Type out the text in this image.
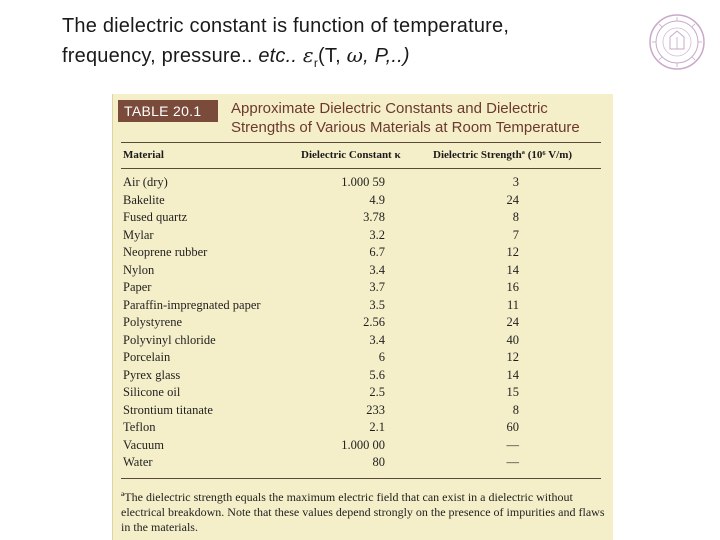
The dielectric constant is function of temperature,
frequency, pressure.. etc.. $\varepsilon_r(T$, ω, P,..)
TABLE 20.1	Approximate Dielectric Constants and Dielectric Strengths of Various Materials at Room Temperature
Material	Dielectric Constant κ	Dielectric Strengthª (10⁶ V/m)
Air (dry)	1.000 59	3
Bakelite	4.9	24
Fused quartz	3.78	8
Mylar	3.2	7
Neoprene rubber	6.7	12
Nylon	3.4	14
Paper	3.7	16
Paraffin-impregnated paper	3.5	11
Polystyrene	2.56	24
Polyvinyl chloride	3.4	40
Porcelain	6	12
Pyrex glass	5.6	14
Silicone oil	2.5	15
Strontium titanate	233	8
Teflon	2.1	60
Vacuum	1.000 00	—
Water	80	—
ªThe dielectric strength equals the maximum electric field that can exist in a dielectric without electrical breakdown. Note that these values depend strongly on the presence of impurities and flaws in the materials.
